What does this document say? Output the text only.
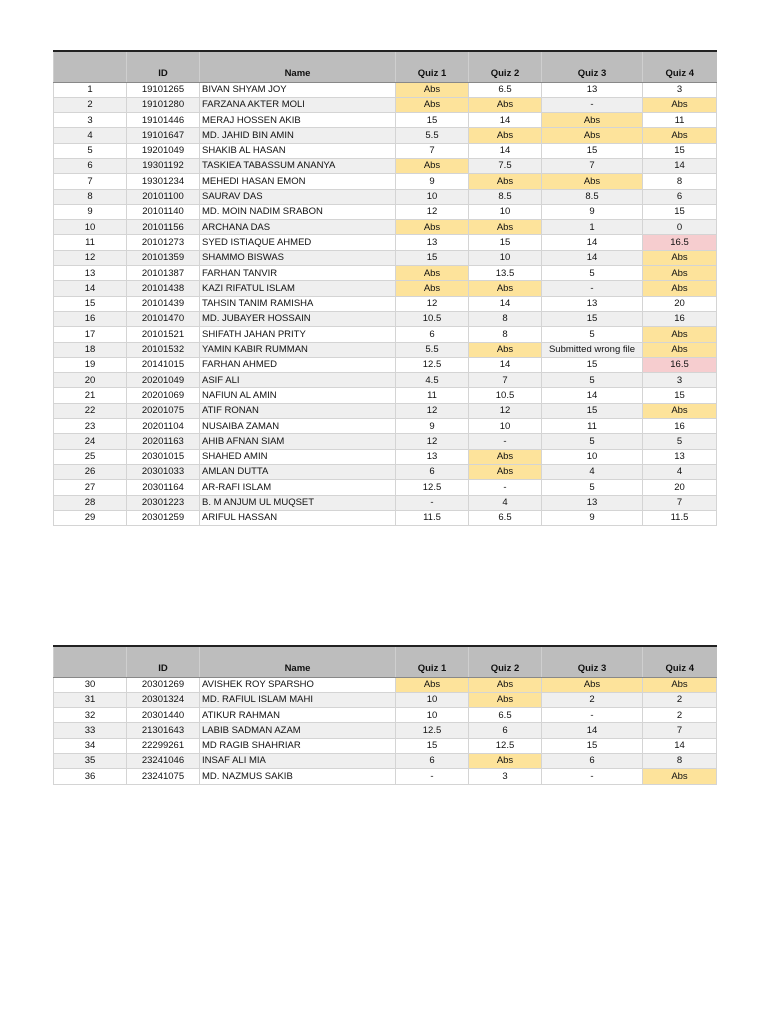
	ID	Name	Quiz 1	Quiz 2	Quiz 3	Quiz 4
1	19101265	BIVAN SHYAM JOY	Abs	6.5	13	3
2	19101280	FARZANA AKTER MOLI	Abs	Abs	-	Abs
3	19101446	MERAJ HOSSEN AKIB	15	14	Abs	11
4	19101647	MD. JAHID BIN AMIN	5.5	Abs	Abs	Abs
5	19201049	SHAKIB AL HASAN	7	14	15	15
6	19301192	TASKIEA TABASSUM ANANYA	Abs	7.5	7	14
7	19301234	MEHEDI HASAN EMON	9	Abs	Abs	8
8	20101100	SAURAV DAS	10	8.5	8.5	6
9	20101140	MD. MOIN NADIM SRABON	12	10	9	15
10	20101156	ARCHANA DAS	Abs	Abs	1	0
11	20101273	SYED ISTIAQUE AHMED	13	15	14	16.5
12	20101359	SHAMMO BISWAS	15	10	14	Abs
13	20101387	FARHAN TANVIR	Abs	13.5	5	Abs
14	20101438	KAZI RIFATUL ISLAM	Abs	Abs	-	Abs
15	20101439	TAHSIN TANIM RAMISHA	12	14	13	20
16	20101470	MD. JUBAYER HOSSAIN	10.5	8	15	16
17	20101521	SHIFATH JAHAN PRITY	6	8	5	Abs
18	20101532	YAMIN KABIR RUMMAN	5.5	Abs	Submitted wrong file	Abs
19	20141015	FARHAN AHMED	12.5	14	15	16.5
20	20201049	ASIF ALI	4.5	7	5	3
21	20201069	NAFIUN AL AMIN	11	10.5	14	15
22	20201075	ATIF RONAN	12	12	15	Abs
23	20201104	NUSAIBA ZAMAN	9	10	11	16
24	20201163	AHIB AFNAN SIAM	12	-	5	5
25	20301015	SHAHED AMIN	13	Abs	10	13
26	20301033	AMLAN DUTTA	6	Abs	4	4
27	20301164	AR-RAFI ISLAM	12.5	-	5	20
28	20301223	B. M ANJUM UL MUQSET	-	4	13	7
29	20301259	ARIFUL HASSAN	11.5	6.5	9	11.5
	ID	Name	Quiz 1	Quiz 2	Quiz 3	Quiz 4
30	20301269	AVISHEK ROY SPARSHO	Abs	Abs	Abs	Abs
31	20301324	MD. RAFIUL ISLAM MAHI	10	Abs	2	2
32	20301440	ATIKUR RAHMAN	10	6.5	-	2
33	21301643	LABIB SADMAN AZAM	12.5	6	14	7
34	22299261	MD RAGIB SHAHRIAR	15	12.5	15	14
35	23241046	INSAF ALI MIA	6	Abs	6	8
36	23241075	MD. NAZMUS SAKIB	-	3	-	Abs
